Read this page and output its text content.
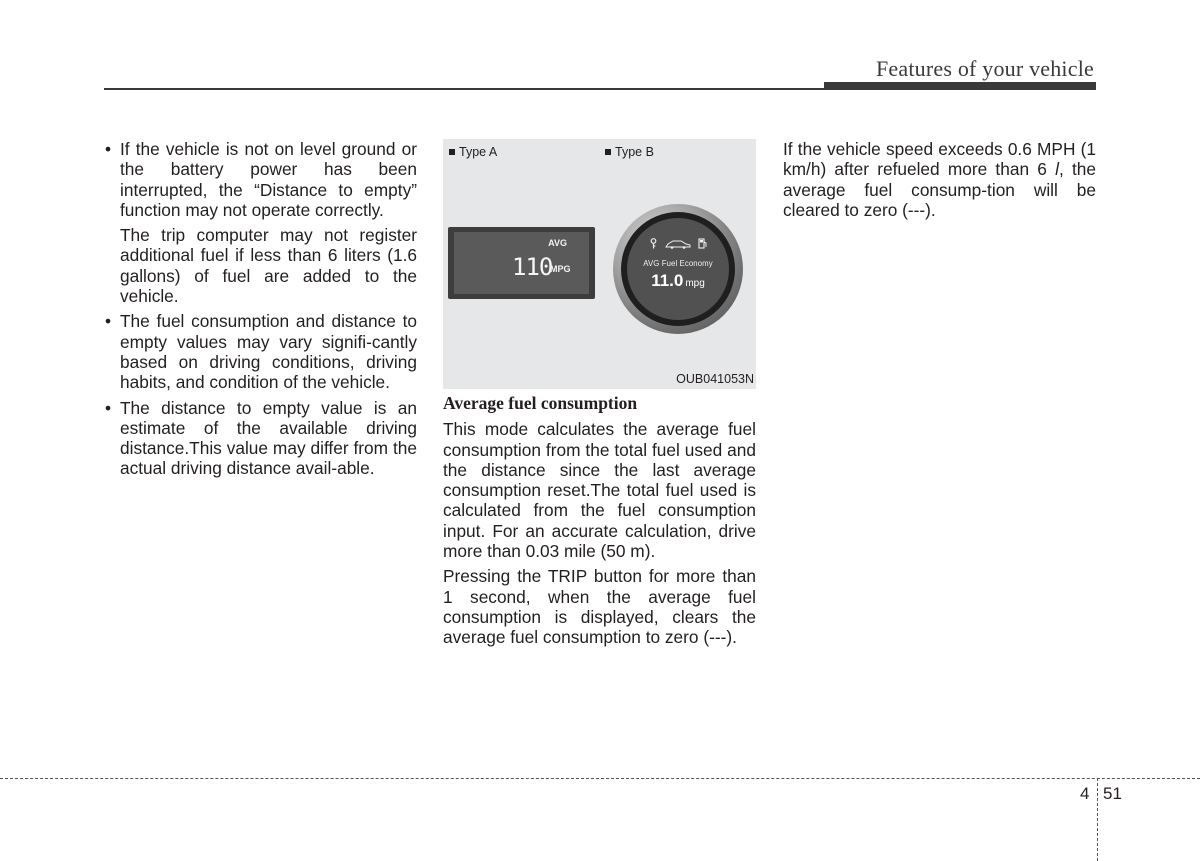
Features of your vehicle
• If the vehicle is not on level ground or the battery power has been interrupted, the “Distance to empty” function may not operate correctly.

The trip computer may not register additional fuel if less than 6 liters (1.6 gallons) of fuel are added to the vehicle.

• The fuel consumption and distance to empty values may vary signifi-cantly based on driving conditions, driving habits, and condition of the vehicle.
• The distance to empty value is an estimate of the available driving distance.This value may differ from the actual driving distance avail-able.
Type A	Type B
AVG
110
MPG

AVG Fuel Economy
11.0 mpg
OUB041053N
Average fuel consumption

This mode calculates the average fuel consumption from the total fuel used and the distance since the last average consumption reset.The total fuel used is calculated from the fuel consumption input. For an accurate calculation, drive more than 0.03 mile (50 m).

Pressing the TRIP button for more than 1 second, when the average fuel consumption is displayed, clears the average fuel consumption to zero (---).

If the vehicle speed exceeds 0.6 MPH (1 km/h) after refueled more than 6 l, the average fuel consump-tion will be cleared to zero (---).

4 51
